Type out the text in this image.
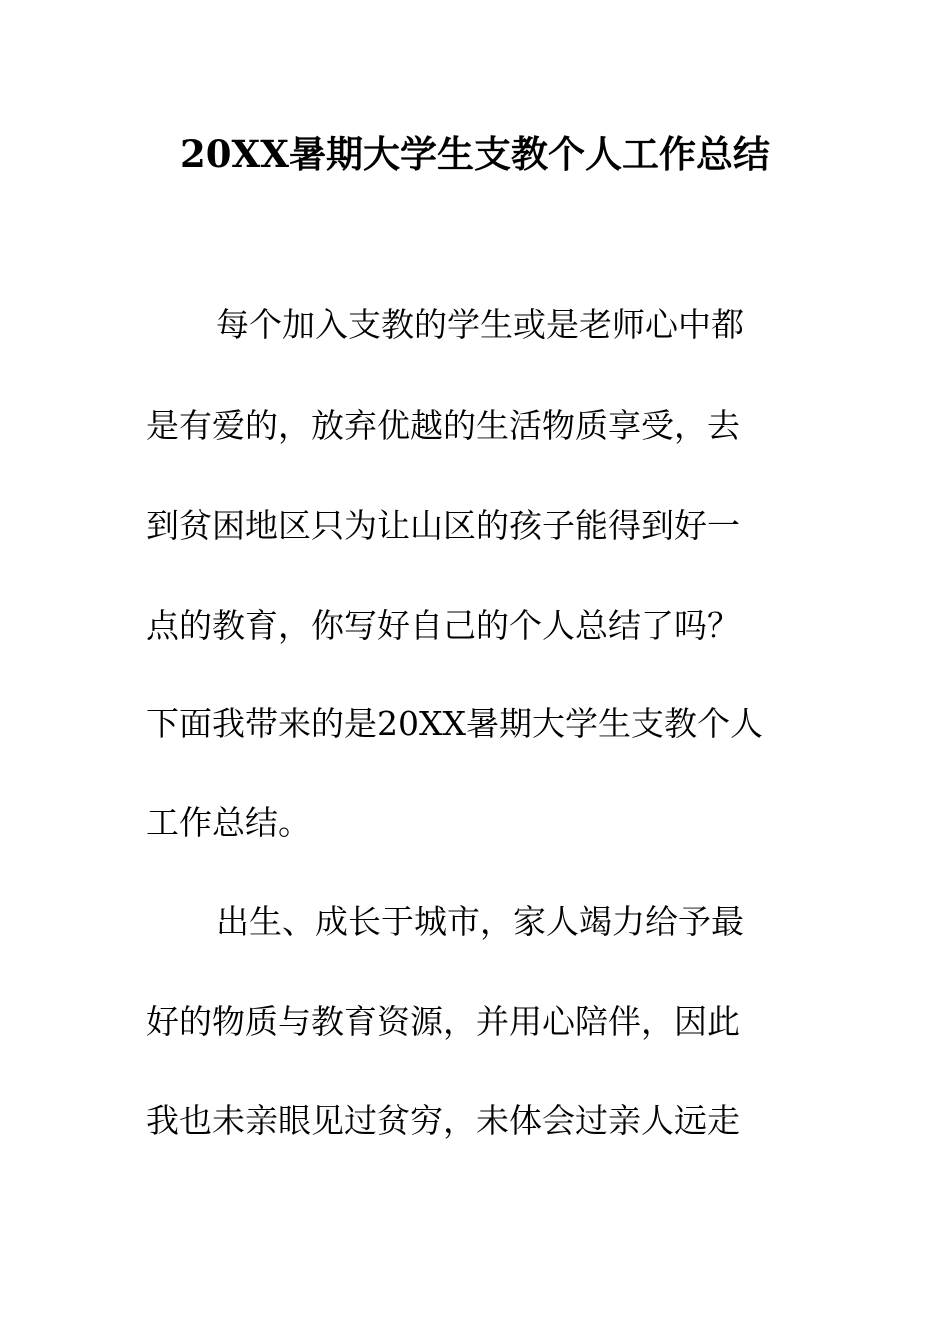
20XX暑期大学生支教个人工作总结

每个加入支教的学生或是老师心中都

是有爱的，放弃优越的生活物质享受，去

到贫困地区只为让山区的孩子能得到好一

点的教育，你写好自己的个人总结了吗？

下面我带来的是20XX暑期大学生支教个人

工作总结。

出生、成长于城市，家人竭力给予最

好的物质与教育资源，并用心陪伴，因此

我也未亲眼见过贫穷，未体会过亲人远走
